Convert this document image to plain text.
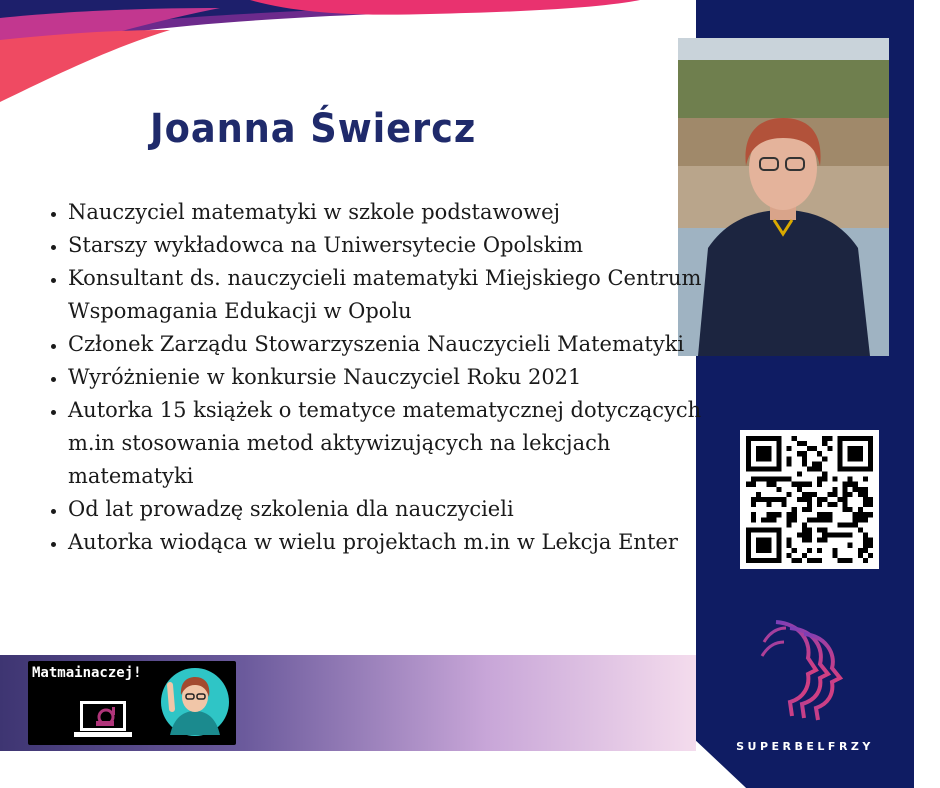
Joanna Świercz
• Nauczyciel matematyki w szkole podstawowej
• Starszy wykładowca na Uniwersytecie Opolskim
• Konsultant ds. nauczycieli matematyki Miejskiego Centrum Wspomagania Edukacji w Opolu
• Członek Zarządu Stowarzyszenia Nauczycieli Matematyki
• Wyróżnienie w konkursie Nauczyciel Roku 2021
• Autorka 15 książek o tematyce matematycznej dotyczących m.in stosowania metod aktywizujących na lekcjach matematyki
• Od lat prowadzę szkolenia dla nauczycieli
• Autorka wiodąca w wielu projektach m.in w Lekcja Enter
SUPERBELFRZY
Matmainaczej!
